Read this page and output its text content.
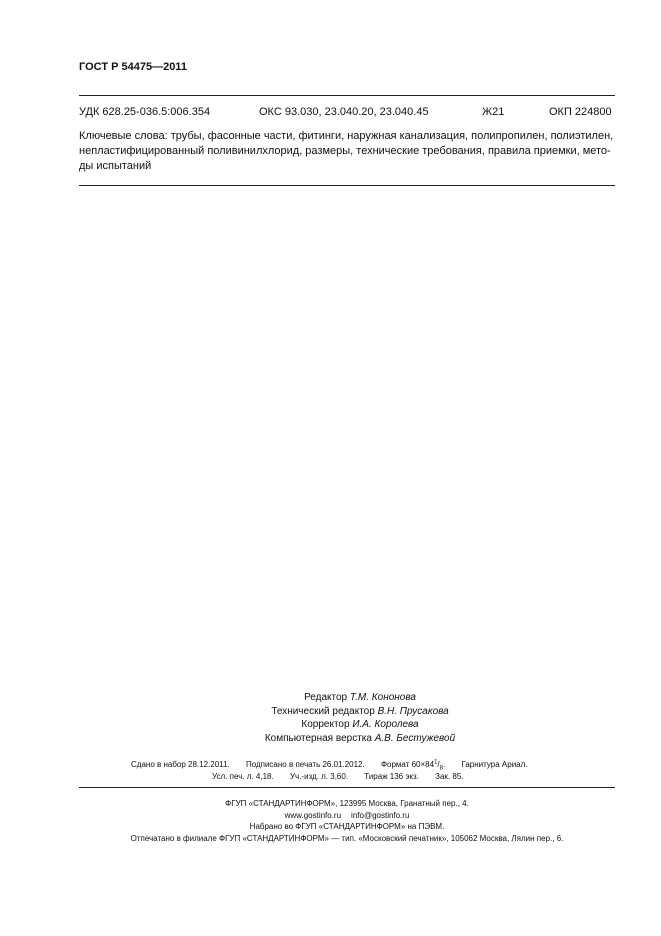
ГОСТ Р 54475—2011
УДК 628.25-036.5:006.354	ОКС 93.030, 23.040.20, 23.040.45	Ж21	ОКП 224800
Ключевые слова: трубы, фасонные части, фитинги, наружная канализация, полипропилен, полиэтилен,
непластифицированный поливинилхлорид, размеры, технические требования, правила приемки, мето-
ды испытаний
Редактор Т.М. Кононова
Технический редактор В.Н. Прусакова
Корректор И.А. Королева
Компьютерная верстка А.В. Бестужевой
Сдано в набор 28.12.2011. Подписано в печать 26.01.2012. Формат $60\times 84^1/_8$. Гарнитура Ариал.
Усл. печ. л. 4,18. Уч.-изд. л. 3,60. Тираж 136 экз. Зак. 85.
ФГУП «СТАНДАРТИНФОРМ», 123995 Москва, Гранатный пер., 4.
www.gostinfo.ru info@gostinfo.ru
Набрано во ФГУП «СТАНДАРТИНФОРМ» на ПЭВМ.
Отпечатано в филиале ФГУП «СТАНДАРТИНФОРМ» — тип. «Московский печатник», 105062 Москва, Лялин пер., 6.
